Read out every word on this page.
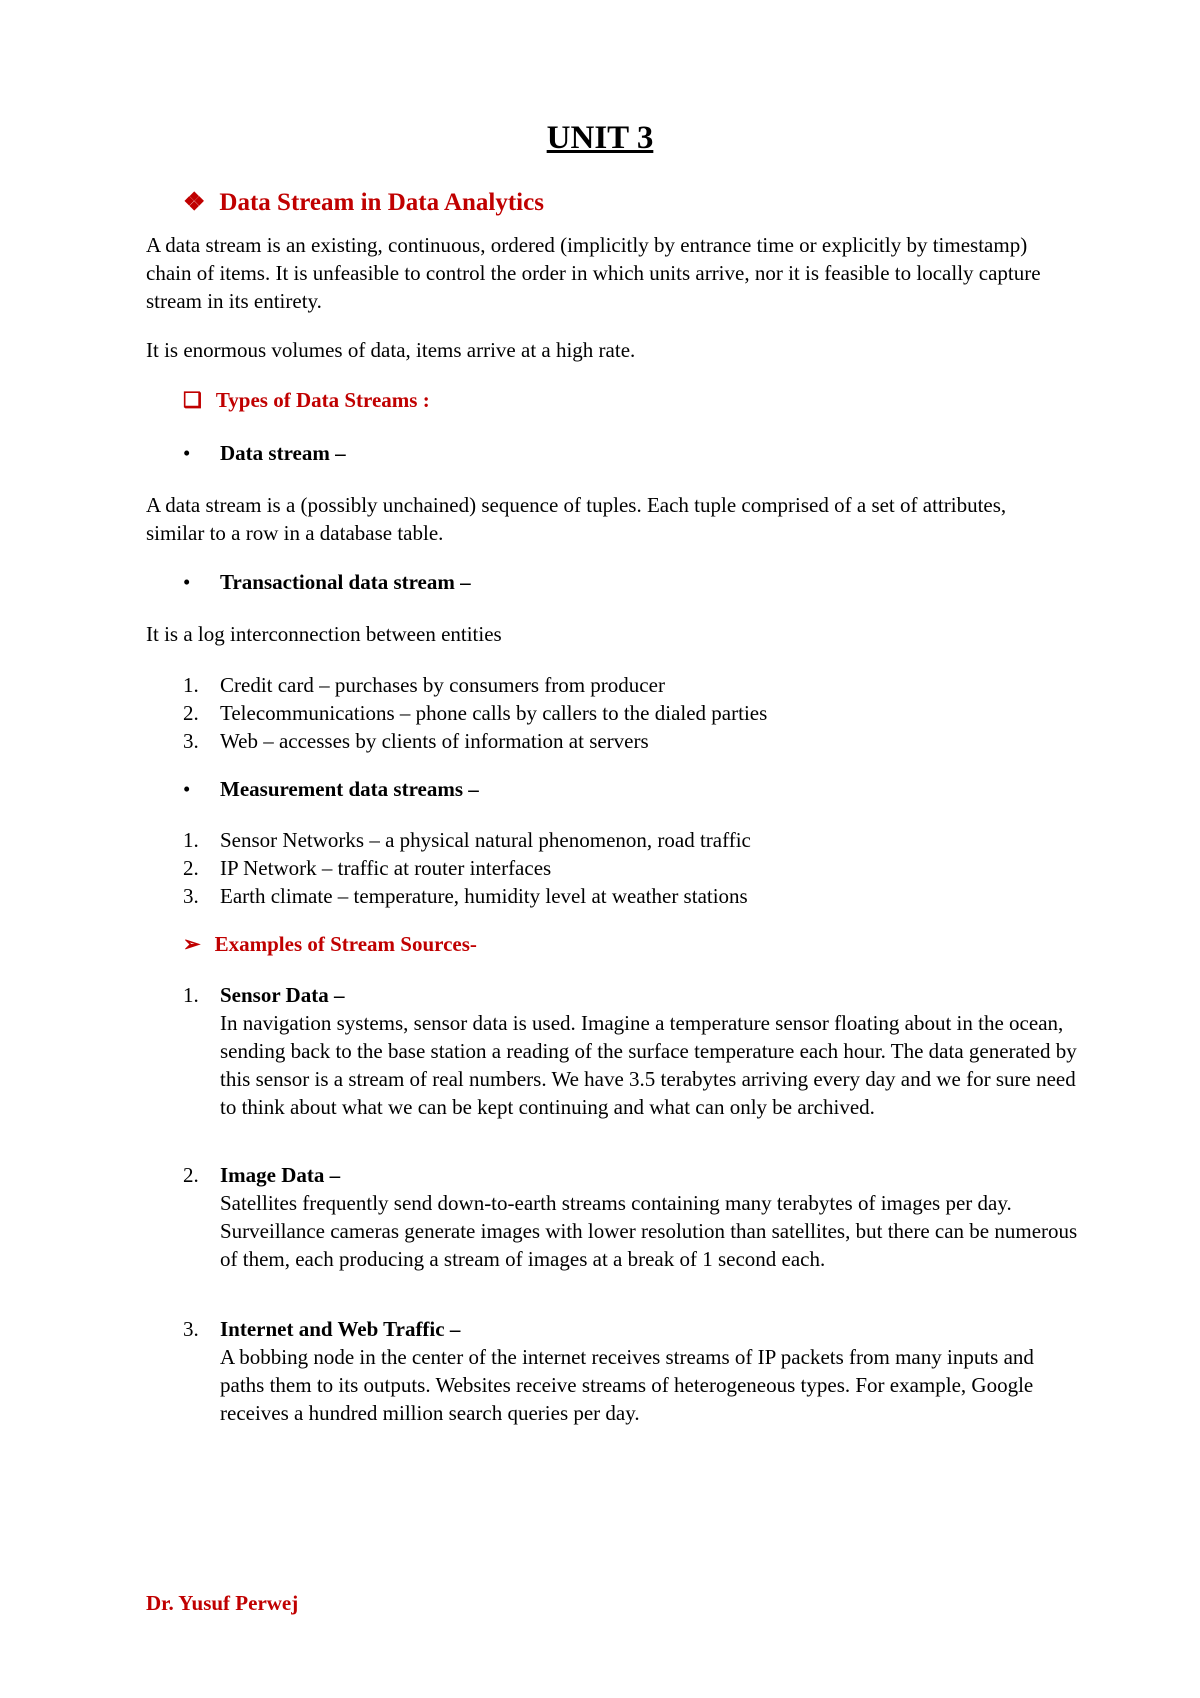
UNIT 3
❖ Data Stream in Data Analytics

A data stream is an existing, continuous, ordered (implicitly by entrance time or explicitly by timestamp) chain of items. It is unfeasible to control the order in which units arrive, nor it is feasible to locally capture stream in its entirety.

It is enormous volumes of data, items arrive at a high rate.

❑ Types of Data Streams :
• Data stream –

A data stream is a (possibly unchained) sequence of tuples. Each tuple comprised of a set of attributes, similar to a row in a database table.

• Transactional data stream –

It is a log interconnection between entities

1.	Credit card – purchases by consumers from producer
2.	Telecommunications – phone calls by callers to the dialed parties
3.	Web – accesses by clients of information at servers
• Measurement data streams –
1.	Sensor Networks – a physical natural phenomenon, road traffic
2.	IP Network – traffic at router interfaces
3.	Earth climate – temperature, humidity level at weather stations
➢ Examples of Stream Sources-
1.	Sensor Data –
In navigation systems, sensor data is used. Imagine a temperature sensor floating about in the ocean, sending back to the base station a reading of the surface temperature each hour. The data generated by this sensor is a stream of real numbers. We have 3.5 terabytes arriving every day and we for sure need to think about what we can be kept continuing and what can only be archived.
2.	Image Data –
Satellites frequently send down-to-earth streams containing many terabytes of images per day. Surveillance cameras generate images with lower resolution than satellites, but there can be numerous of them, each producing a stream of images at a break of 1 second each.
3.	Internet and Web Traffic –
A bobbing node in the center of the internet receives streams of IP packets from many inputs and paths them to its outputs. Websites receive streams of heterogeneous types. For example, Google receives a hundred million search queries per day.
Dr. Yusuf Perwej
